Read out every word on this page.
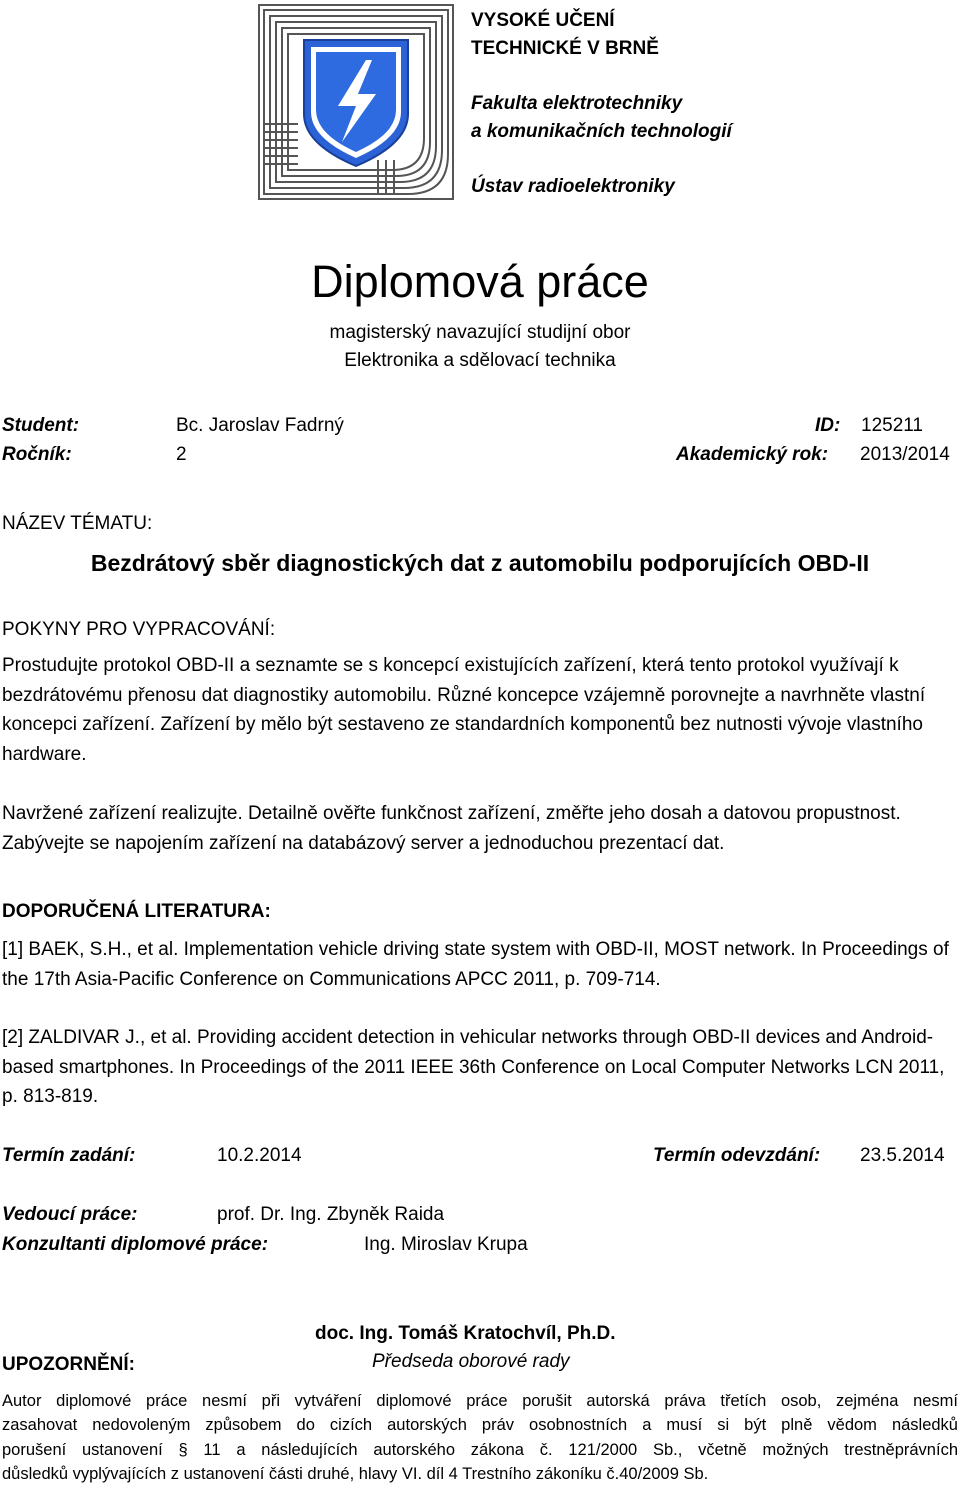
VYSOKÉ UČENÍ
TECHNICKÉ V BRNĚ
Fakulta elektrotechniky
a komunikačních technologií
Ústav radioelektroniky
Diplomová práce
magisterský navazující studijní obor
Elektronika a sdělovací technika
Student:	Bc. Jaroslav Fadrný	ID: 125211
Ročník:	2	Akademický rok: 2013/2014
NÁZEV TÉMATU:
Bezdrátový sběr diagnostických dat z automobilu podporujících OBD-II
POKYNY PRO VYPRACOVÁNÍ:
Prostudujte protokol OBD-II a seznamte se s koncepcí existujících zařízení, která tento protokol využívají k bezdrátovému přenosu dat diagnostiky automobilu. Různé koncepce vzájemně porovnejte a navrhněte vlastní koncepci zařízení. Zařízení by mělo být sestaveno ze standardních komponentů bez nutnosti vývoje vlastního hardware.
Navržené zařízení realizujte. Detailně ověřte funkčnost zařízení, změřte jeho dosah a datovou propustnost. Zabývejte se napojením zařízení na databázový server a jednoduchou prezentací dat.
DOPORUČENÁ LITERATURA:
[1] BAEK, S.H., et al. Implementation vehicle driving state system with OBD-II, MOST network. In Proceedings of the 17th Asia-Pacific Conference on Communications APCC 2011, p. 709-714.
[2] ZALDIVAR J., et al. Providing accident detection in vehicular networks through OBD-II devices and Android-based smartphones. In Proceedings of the 2011 IEEE 36th Conference on Local Computer Networks LCN 2011, p. 813-819.
Termín zadání:	10.2.2014	Termín odevzdání: 23.5.2014
Vedoucí práce:	prof. Dr. Ing. Zbyněk Raida
Konzultanti diplomové práce:	Ing. Miroslav Krupa
doc. Ing. Tomáš Kratochvíl, Ph.D.
Předseda oborové rady
UPOZORNĚNÍ:
Autor diplomové práce nesmí při vytváření diplomové práce porušit autorská práva třetích osob, zejména nesmí
zasahovat nedovoleným způsobem do cizích autorských práv osobnostních a musí si být plně vědom následků
porušení ustanovení § 11 a následujících autorského zákona č. 121/2000 Sb., včetně možných trestněprávních
důsledků vyplývajících z ustanovení části druhé, hlavy VI. díl 4 Trestního zákoníku č.40/2009 Sb.
